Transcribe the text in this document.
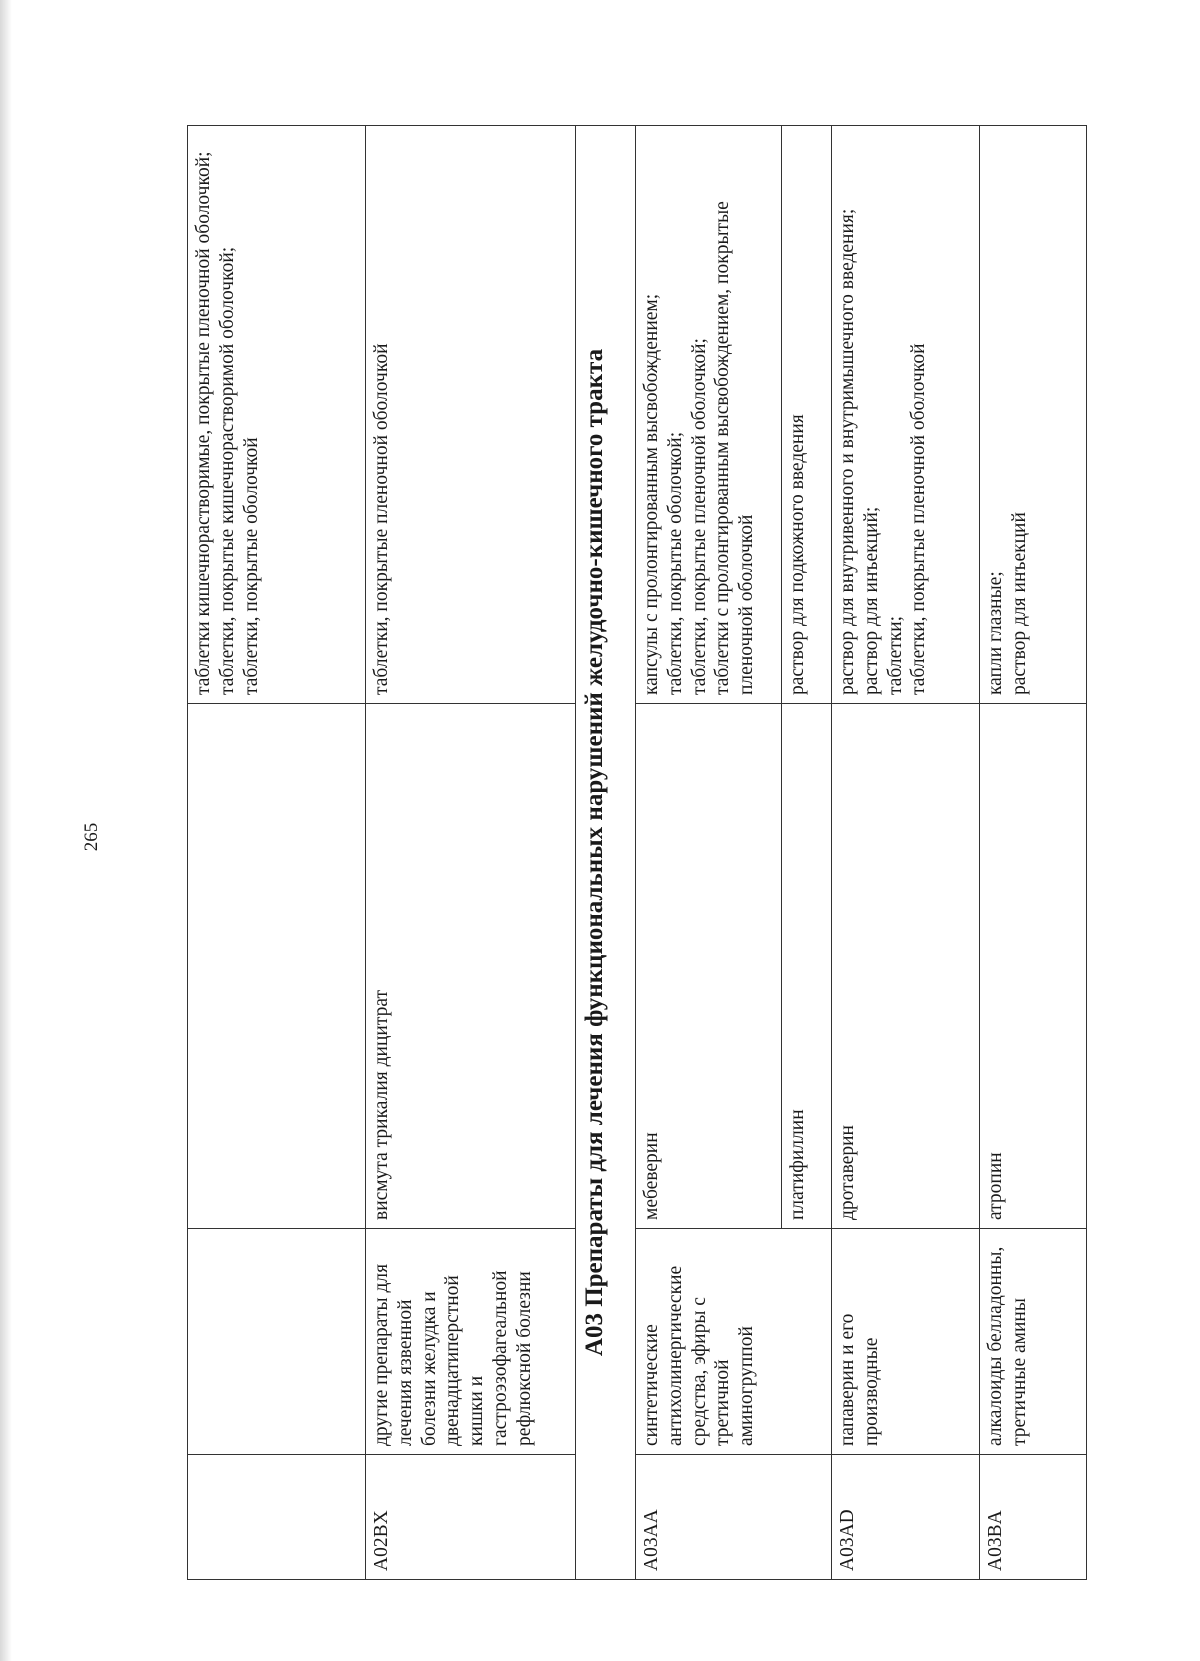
265

			таблетки кишечнорастворимые, покрытые пленочной оболочкой; таблетки, покрытые кишечнорастворимой оболочкой; таблетки, покрытые оболочкой

A02BX	другие препараты для лечения язвенной болезни желудка и двенадцатиперстной кишки и гастроэзофагеальной рефлюксной болезни	висмута трикалия дицитрат	таблетки, покрытые пленочной оболочкой

A03 Препараты для лечения функциональных нарушений желудочно-кишечного тракта			
A03AA	синтетические антихолинергические средства, эфиры с третичной аминогруппой	мебеверин	капсулы с пролонгированным высвобождением; таблетки, покрытые оболочкой; таблетки, покрытые пленочной оболочкой; таблетки с пролонгированным высвобождением, покрытые пленочной оболочкой

		платифиллин	раствор для подкожного введения

A03AD	папаверин и его производные	дротаверин	раствор для внутривенного и внутримышечного введения; раствор для инъекций; таблетки; таблетки, покрытые пленочной оболочкой

A03BA	алкалоиды белладонны, третичные амины	атропин	капли глазные; раствор для инъекций
